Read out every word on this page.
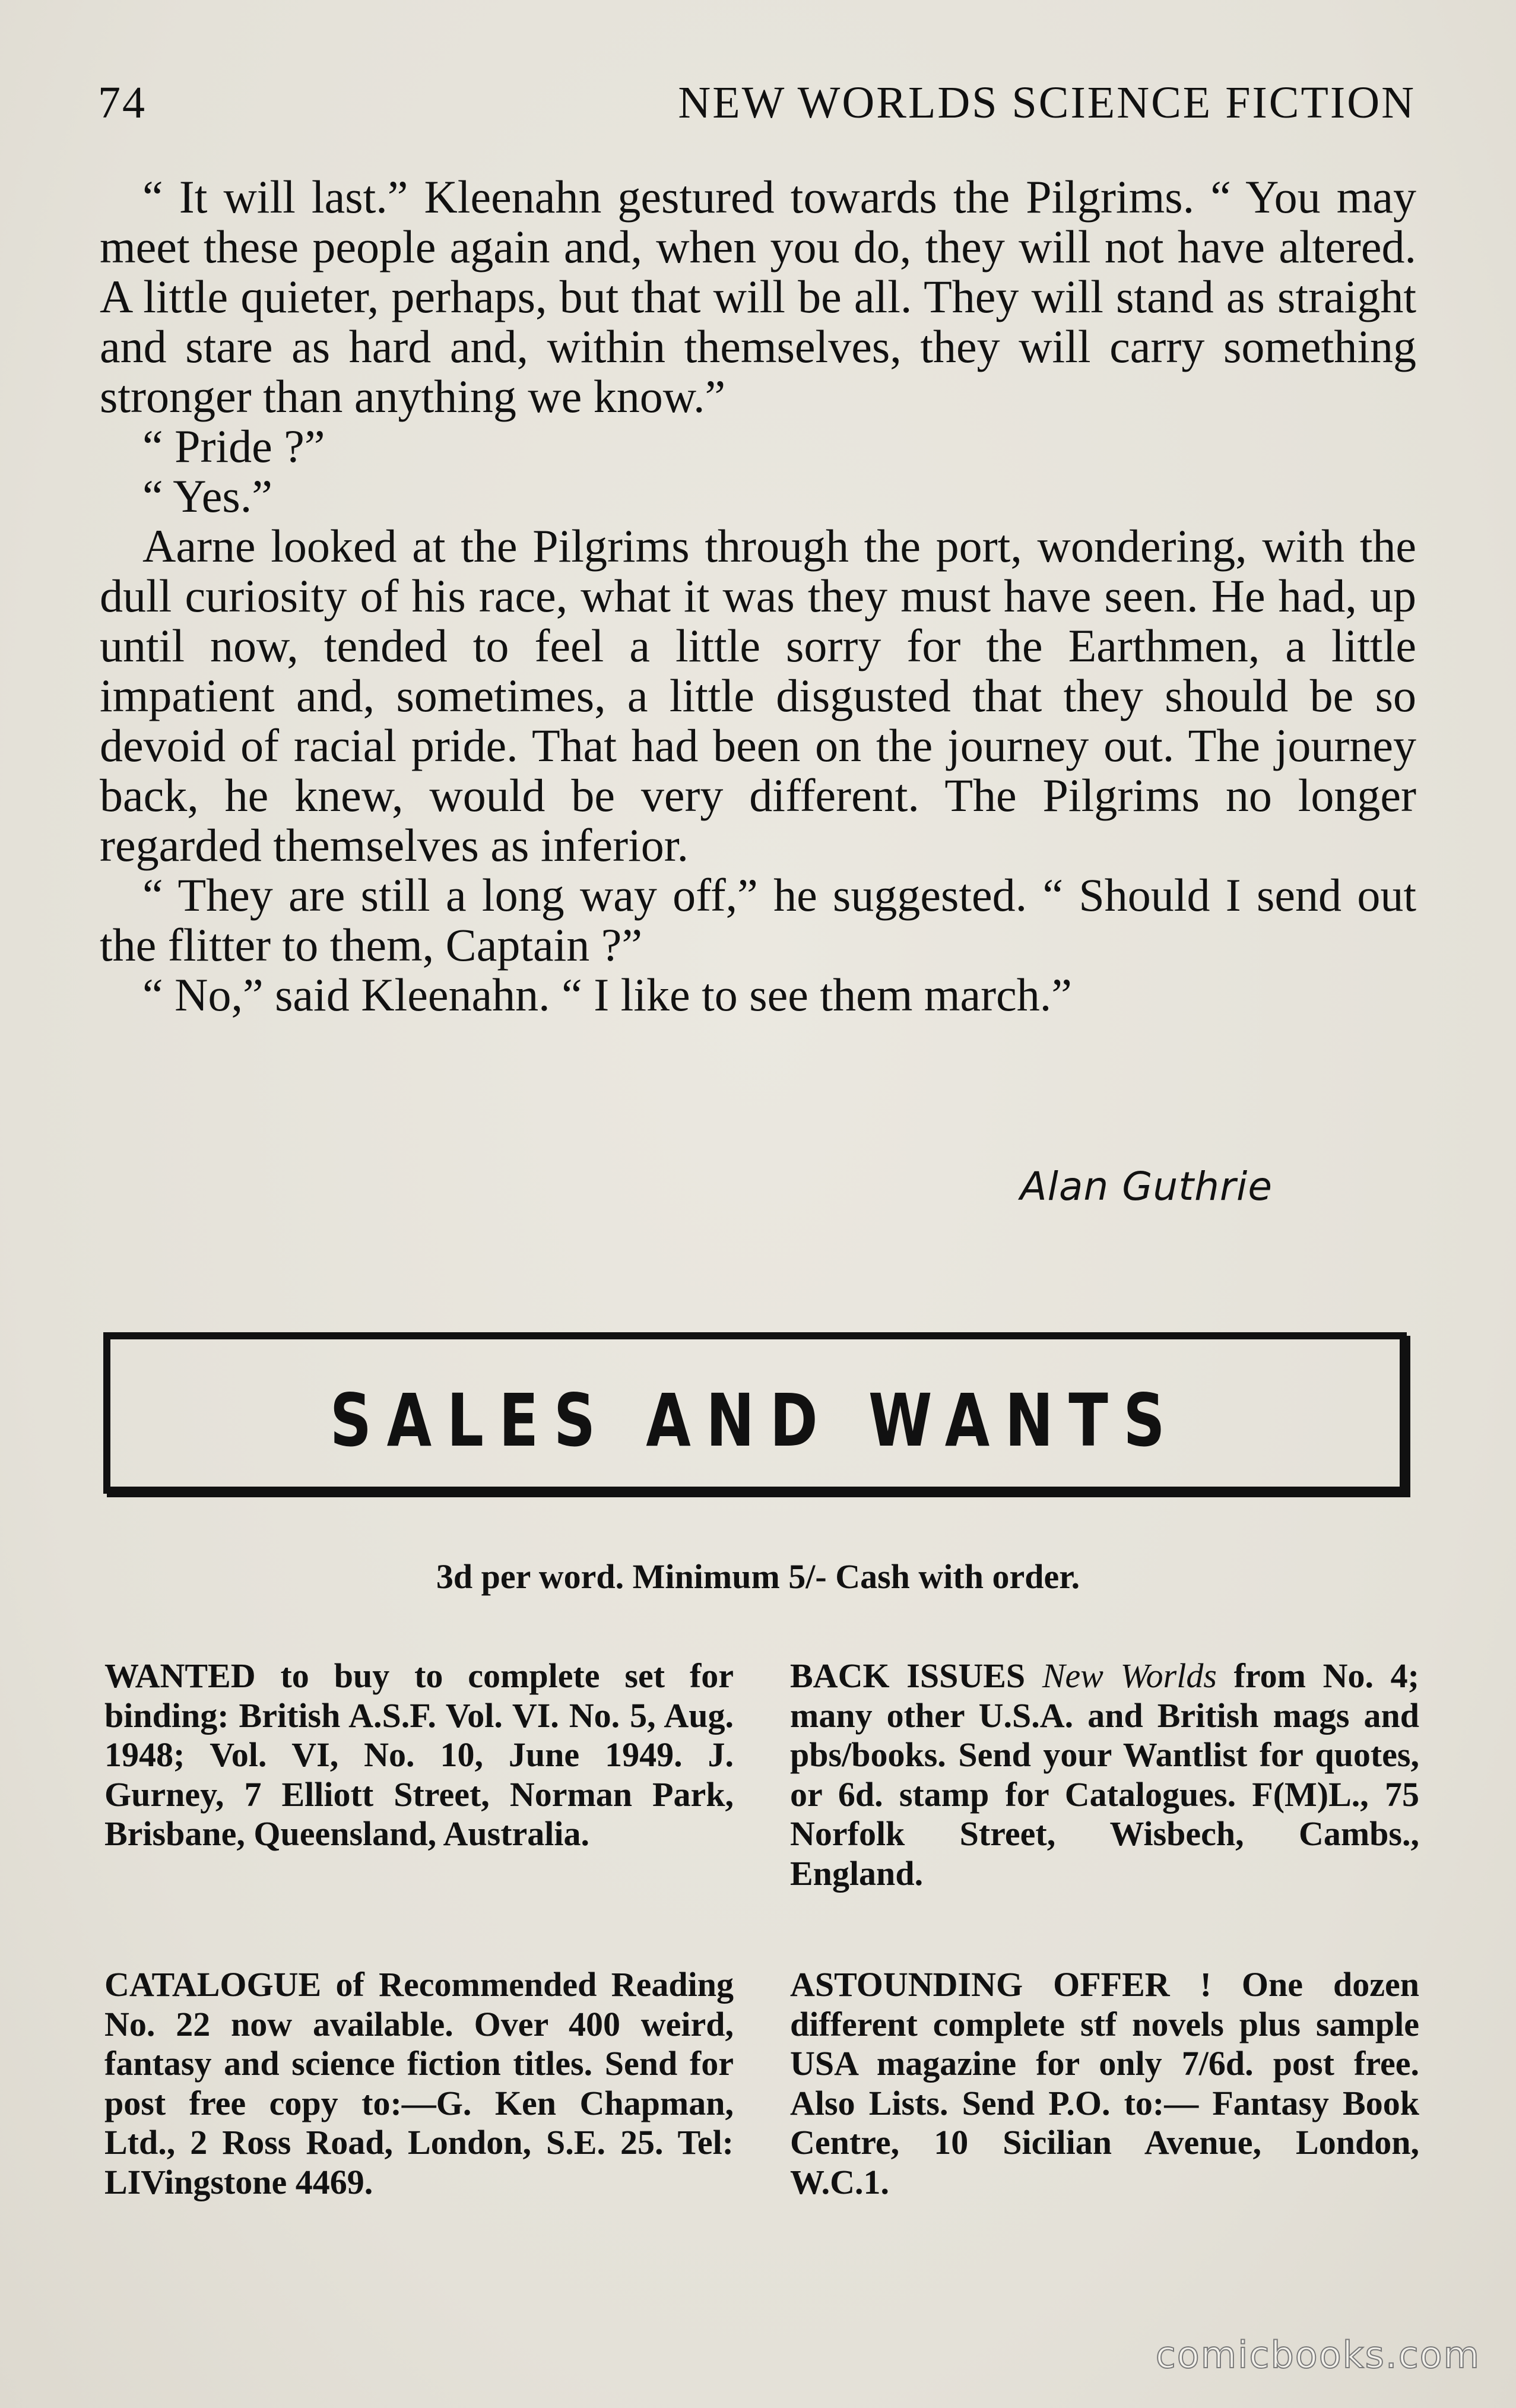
74	NEW WORLDS SCIENCE FICTION

“ It will last.” Kleenahn gestured towards the Pilgrims. “ You may meet these people again and, when you do, they will not have altered. A little quieter, perhaps, but that will be all. They will stand as straight and stare as hard and, within themselves, they will carry something stronger than anything we know.”

“ Pride ?”

“ Yes.”

Aarne looked at the Pilgrims through the port, wondering, with the dull curiosity of his race, what it was they must have seen. He had, up until now, tended to feel a little sorry for the Earthmen, a little impatient and, sometimes, a little disgusted that they should be so devoid of racial pride. That had been on the journey out. The journey back, he knew, would be very different. The Pilgrims no longer regarded themselves as inferior.

“ They are still a long way off,” he suggested. “ Should I send out the flitter to them, Captain ?”

“ No,” said Kleenahn. “ I like to see them march.”

Alan Guthrie
SALES AND WANTS
3d per word. Minimum 5/- Cash with order.
WANTED to buy to complete set for binding: British A.S.F. Vol. VI. No. 5, Aug. 1948; Vol. VI, No. 10, June 1949. J. Gurney, 7 Elliott Street, Norman Park, Brisbane, Queensland, Australia.
BACK ISSUES New Worlds from No. 4; many other U.S.A. and British mags and pbs/books. Send your Wantlist for quotes, or 6d. stamp for Catalogues. F(M)L., 75 Norfolk Street, Wisbech, Cambs., England.
CATALOGUE of Recommended Reading No. 22 now available. Over 400 weird, fantasy and science fiction titles. Send for post free copy to:—G. Ken Chapman, Ltd., 2 Ross Road, London, S.E. 25. Tel: LIVingstone 4469.
ASTOUNDING OFFER ! One dozen different complete stf novels plus sample USA magazine for only 7/6d. post free. Also Lists. Send P.O. to:— Fantasy Book Centre, 10 Sicilian Avenue, London, W.C.1.
comicbooks.com
